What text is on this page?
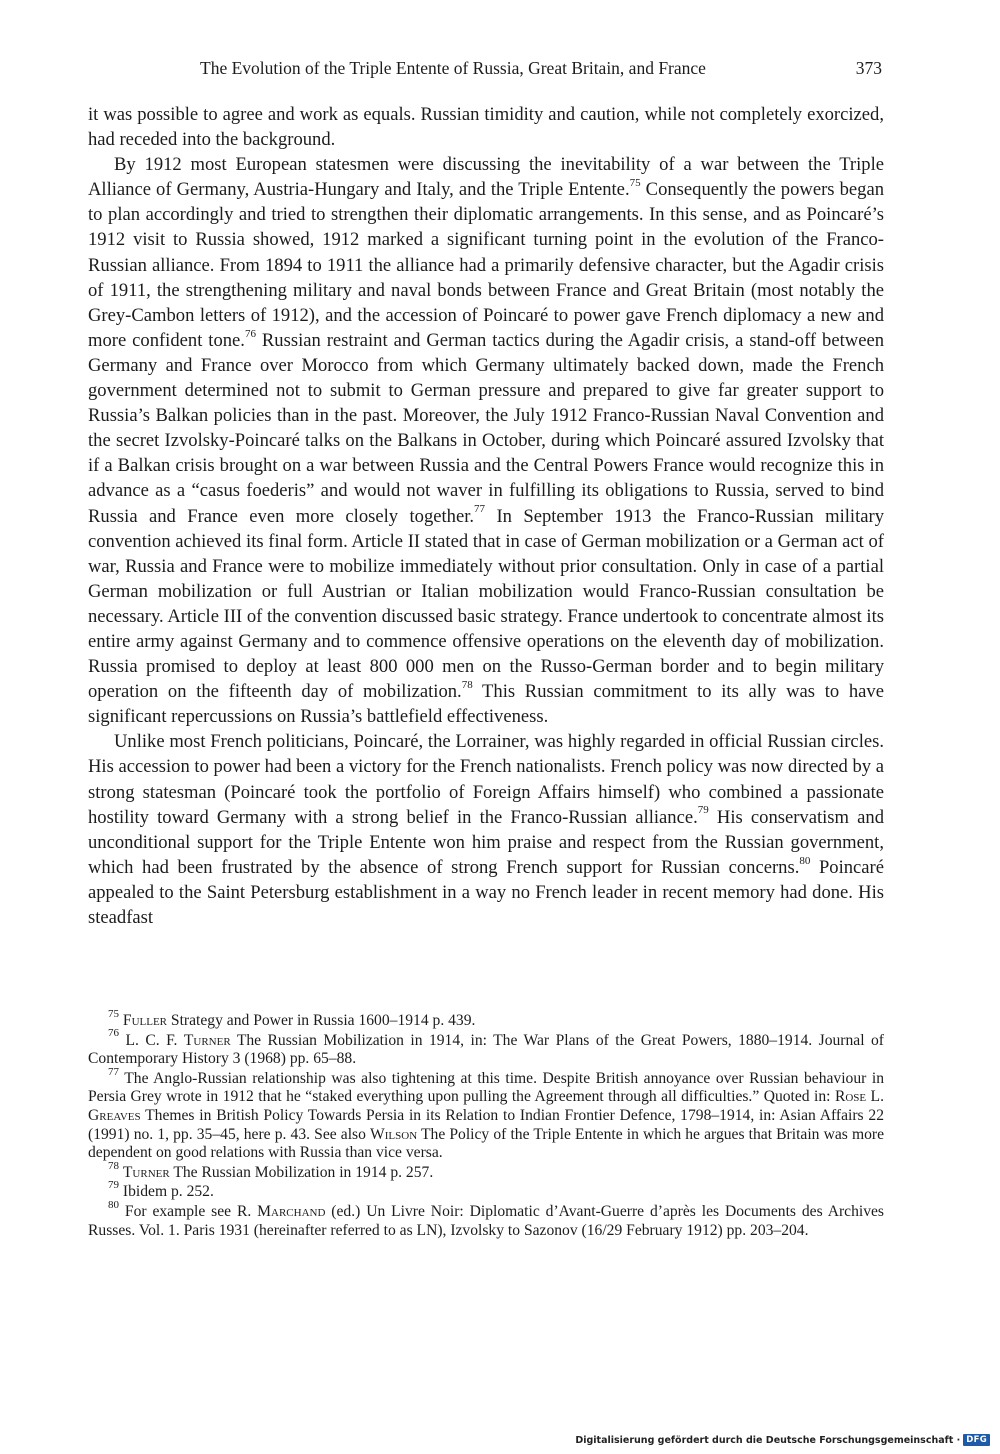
The Evolution of the Triple Entente of Russia, Great Britain, and France	373

it was possible to agree and work as equals. Russian timidity and caution, while not completely exorcized, had receded into the background.

By 1912 most European statesmen were discussing the inevitability of a war between the Triple Alliance of Germany, Austria-Hungary and Italy, and the Triple Entente.$^{75}$ Consequently the powers began to plan accordingly and tried to strengthen their diplomatic arrangements. In this sense, and as Poincaré’s 1912 visit to Russia showed, 1912 marked a significant turning point in the evolution of the Franco-Russian alliance. From 1894 to 1911 the alliance had a primarily defensive character, but the Agadir crisis of 1911, the strengthening military and naval bonds between France and Great Britain (most notably the Grey-Cambon letters of 1912), and the accession of Poincaré to power gave French diplomacy a new and more confident tone.$^{76}$ Russian restraint and German tactics during the Agadir crisis, a stand-off between Germany and France over Morocco from which Germany ultimately backed down, made the French government determined not to submit to German pressure and prepared to give far greater support to Russia’s Balkan policies than in the past. Moreover, the July 1912 Franco-Russian Naval Convention and the secret Izvolsky-Poincaré talks on the Balkans in October, during which Poincaré assured Izvolsky that if a Balkan crisis brought on a war between Russia and the Central Powers France would recognize this in advance as a “casus foederis” and would not waver in fulfilling its obligations to Russia, served to bind Russia and France even more closely together.$^{77}$ In September 1913 the Franco-Russian military convention achieved its final form. Article II stated that in case of German mobilization or a German act of war, Russia and France were to mobilize immediately without prior consultation. Only in case of a partial German mobilization or full Austrian or Italian mobilization would Franco-Russian consultation be necessary. Article III of the convention discussed basic strategy. France undertook to concentrate almost its entire army against Germany and to commence offensive operations on the eleventh day of mobilization. Russia promised to deploy at least 800 000 men on the Russo-German border and to begin military operation on the fifteenth day of mobilization.$^{78}$ This Russian commitment to its ally was to have significant repercussions on Russia’s battlefield effectiveness.

Unlike most French politicians, Poincaré, the Lorrainer, was highly regarded in official Russian circles. His accession to power had been a victory for the French nationalists. French policy was now directed by a strong statesman (Poincaré took the portfolio of Foreign Affairs himself) who combined a passionate hostility toward Germany with a strong belief in the Franco-Russian alliance.$^{79}$ His conservatism and unconditional support for the Triple Entente won him praise and respect from the Russian government, which had been frustrated by the absence of strong French support for Russian concerns.$^{80}$ Poincaré appealed to the Saint Petersburg establishment in a way no French leader in recent memory had done. His steadfast

$^{75}$ Fuller Strategy and Power in Russia 1600–1914 p. 439.

$^{76}$ L. C. F. Turner The Russian Mobilization in 1914, in: The War Plans of the Great Powers, 1880–1914. Journal of Contemporary History 3 (1968) pp. 65–88.

$^{77}$ The Anglo-Russian relationship was also tightening at this time. Despite British annoyance over Russian behaviour in Persia Grey wrote in 1912 that he “staked everything upon pulling the Agreement through all difficulties.” Quoted in: Rose L. Greaves Themes in British Policy Towards Persia in its Relation to Indian Frontier Defence, 1798–1914, in: Asian Affairs 22 (1991) no. 1, pp. 35–45, here p. 43. See also Wilson The Policy of the Triple Entente in which he argues that Britain was more dependent on good relations with Russia than vice versa.

$^{78}$ Turner The Russian Mobilization in 1914 p. 257.

$^{79}$ Ibidem p. 252.

$^{80}$ For example see R. Marchand (ed.) Un Livre Noir: Diplomatic d’Avant-Guerre d’après les Documents des Archives Russes. Vol. 1. Paris 1931 (hereinafter referred to as LN), Izvolsky to Sazonov (16/29 February 1912) pp. 203–204.

Digitalisierung gefördert durch die Deutsche Forschungsgemeinschaft · DFG
